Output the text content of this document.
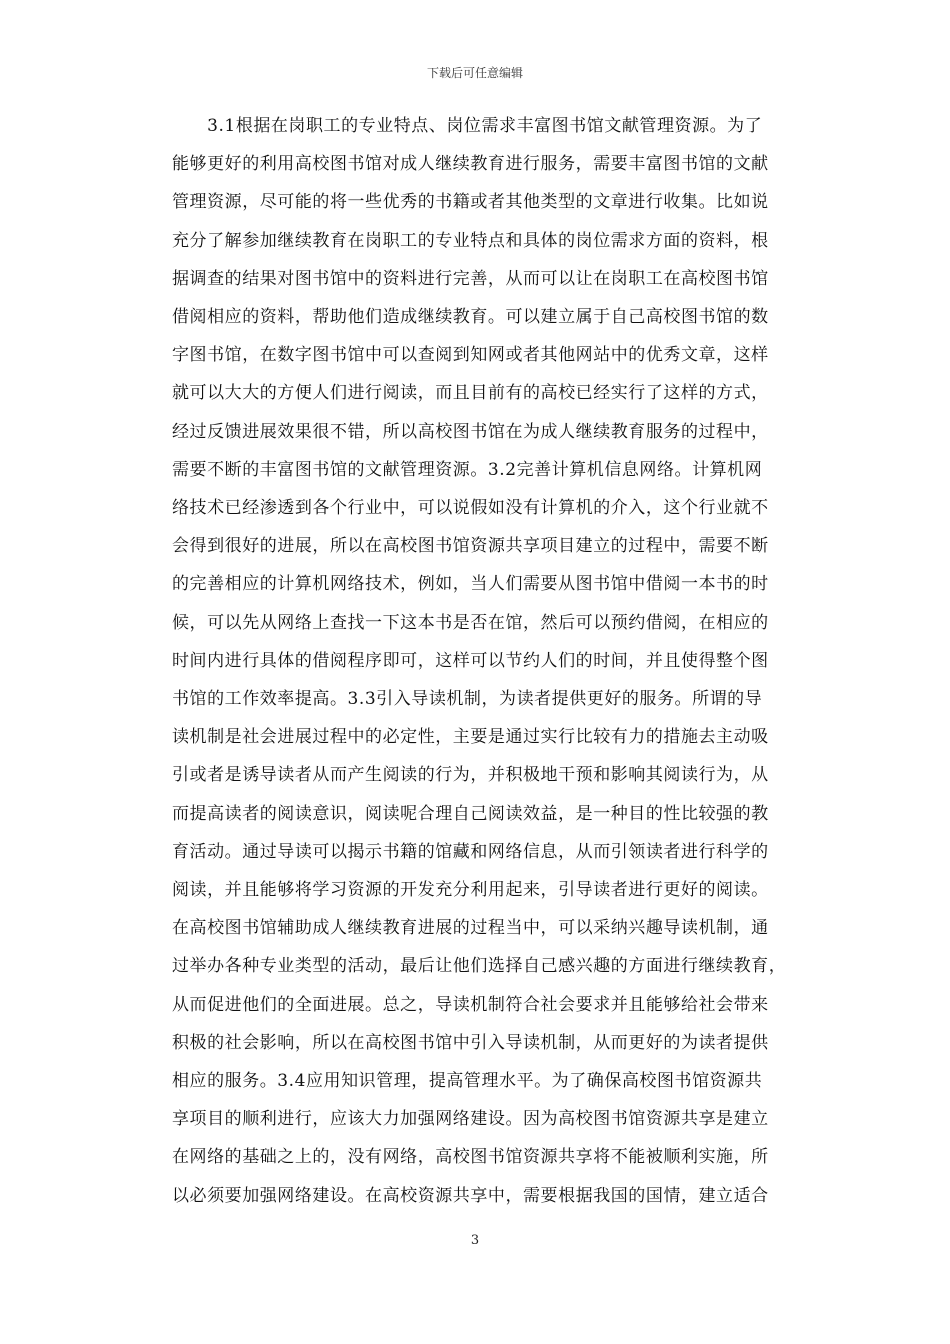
下载后可任意编辑
　　3.1根据在岗职工的专业特点、岗位需求丰富图书馆文献管理资源。为了
能够更好的利用高校图书馆对成人继续教育进行服务，需要丰富图书馆的文献
管理资源，尽可能的将一些优秀的书籍或者其他类型的文章进行收集。比如说
充分了解参加继续教育在岗职工的专业特点和具体的岗位需求方面的资料，根
据调查的结果对图书馆中的资料进行完善，从而可以让在岗职工在高校图书馆
借阅相应的资料，帮助他们造成继续教育。可以建立属于自己高校图书馆的数
字图书馆，在数字图书馆中可以查阅到知网或者其他网站中的优秀文章，这样
就可以大大的方便人们进行阅读，而且目前有的高校已经实行了这样的方式，
经过反馈进展效果很不错，所以高校图书馆在为成人继续教育服务的过程中，
需要不断的丰富图书馆的文献管理资源。3.2完善计算机信息网络。计算机网
络技术已经渗透到各个行业中，可以说假如没有计算机的介入，这个行业就不
会得到很好的进展，所以在高校图书馆资源共享项目建立的过程中，需要不断
的完善相应的计算机网络技术，例如，当人们需要从图书馆中借阅一本书的时
候，可以先从网络上查找一下这本书是否在馆，然后可以预约借阅，在相应的
时间内进行具体的借阅程序即可，这样可以节约人们的时间，并且使得整个图
书馆的工作效率提高。3.3引入导读机制，为读者提供更好的服务。所谓的导
读机制是社会进展过程中的必定性，主要是通过实行比较有力的措施去主动吸
引或者是诱导读者从而产生阅读的行为，并积极地干预和影响其阅读行为，从
而提高读者的阅读意识，阅读呢合理自己阅读效益，是一种目的性比较强的教
育活动。通过导读可以揭示书籍的馆藏和网络信息，从而引领读者进行科学的
阅读，并且能够将学习资源的开发充分利用起来，引导读者进行更好的阅读。
在高校图书馆辅助成人继续教育进展的过程当中，可以采纳兴趣导读机制，通
过举办各种专业类型的活动，最后让他们选择自己感兴趣的方面进行继续教育，
从而促进他们的全面进展。总之，导读机制符合社会要求并且能够给社会带来
积极的社会影响，所以在高校图书馆中引入导读机制，从而更好的为读者提供
相应的服务。3.4应用知识管理，提高管理水平。为了确保高校图书馆资源共
享项目的顺利进行，应该大力加强网络建设。因为高校图书馆资源共享是建立
在网络的基础之上的，没有网络，高校图书馆资源共享将不能被顺利实施，所
以必须要加强网络建设。在高校资源共享中，需要根据我国的国情，建立适合
3
